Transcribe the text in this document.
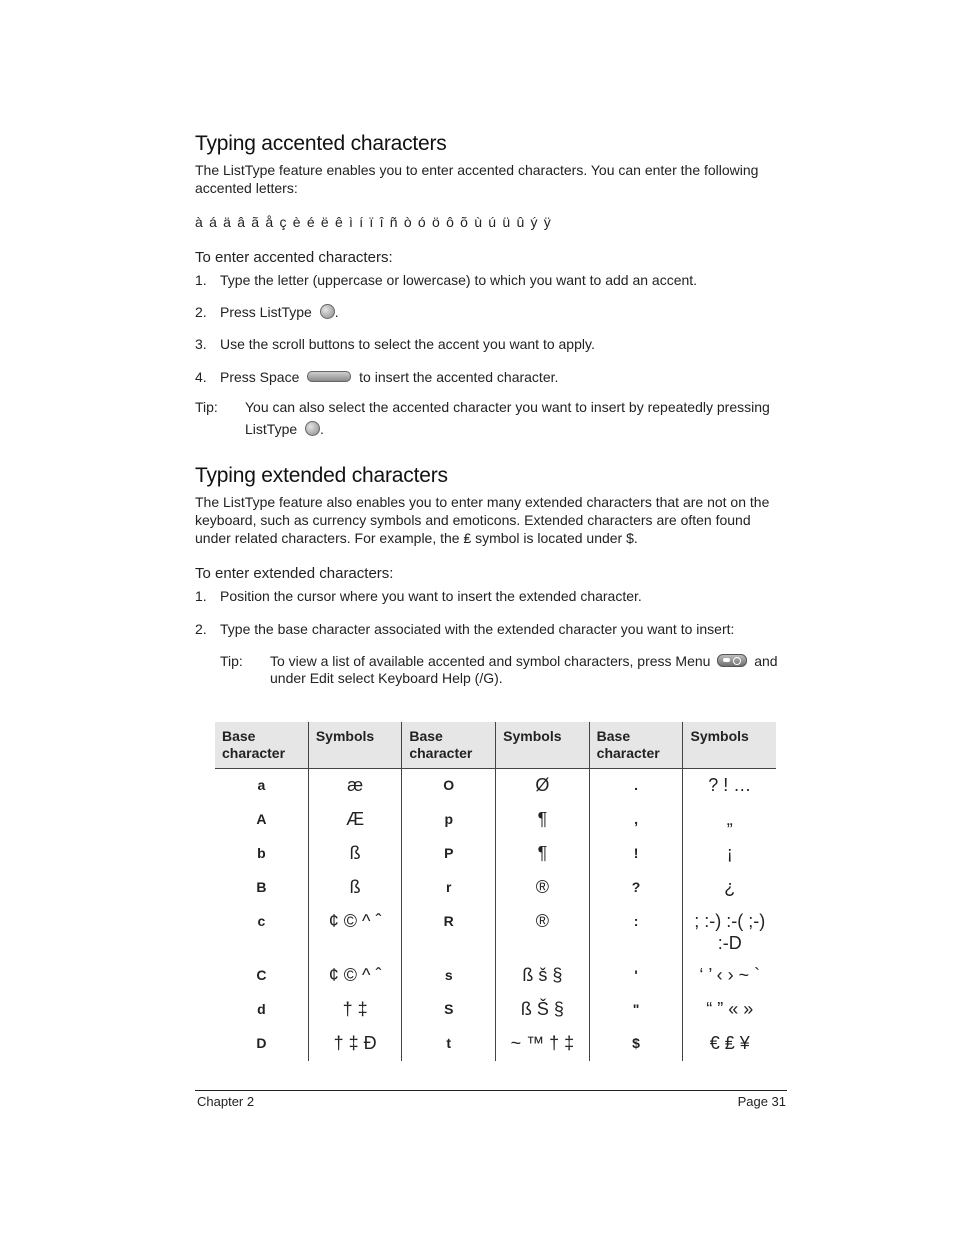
Typing accented characters

The ListType feature enables you to enter accented characters. You can enter the following accented letters:

à á ä â ã å ç è é ë ê ì í ï î ñ ò ó ö ô õ ù ú ü û ý ÿ

To enter accented characters:
1. Type the letter (uppercase or lowercase) to which you want to add an accent.
2. Press ListType .
3. Use the scroll buttons to select the accent you want to apply.
4. Press Space	to insert the accented character.
Tip: You can also select the accented character you want to insert by repeatedly pressing
ListType .
Typing extended characters

The ListType feature also enables you to enter many extended characters that are not on the keyboard, such as currency symbols and emoticons. Extended characters are often found under related characters. For example, the ₤ symbol is located under $.

To enter extended characters:
1. Position the cursor where you want to insert the extended character.
2. Type the base character associated with the extended character you want to insert:
Tip: To view a list of available accented and symbol characters, press Menu	and under Edit select Keyboard Help (/G).
Base character	Symbols	Base character	Symbols	Base character	Symbols
a	æ	O	Ø	.	? ! …
A	Æ	p	¶	,	„
b	ß	P	¶	!	¡
B	ß	r	®	?	¿
c	¢ © ^ ˆ	R	®	:	; :-) :-( ;-) :-D
C	¢ © ^ ˆ	s	ß š §	'	‘ ’ ‹ › ~ `
d	† ‡	S	ß Š §	"	“ ” « »
D	† ‡ Ð	t	~ ™ † ‡	$	€ ₤ ¥
Chapter 2	Page 31
